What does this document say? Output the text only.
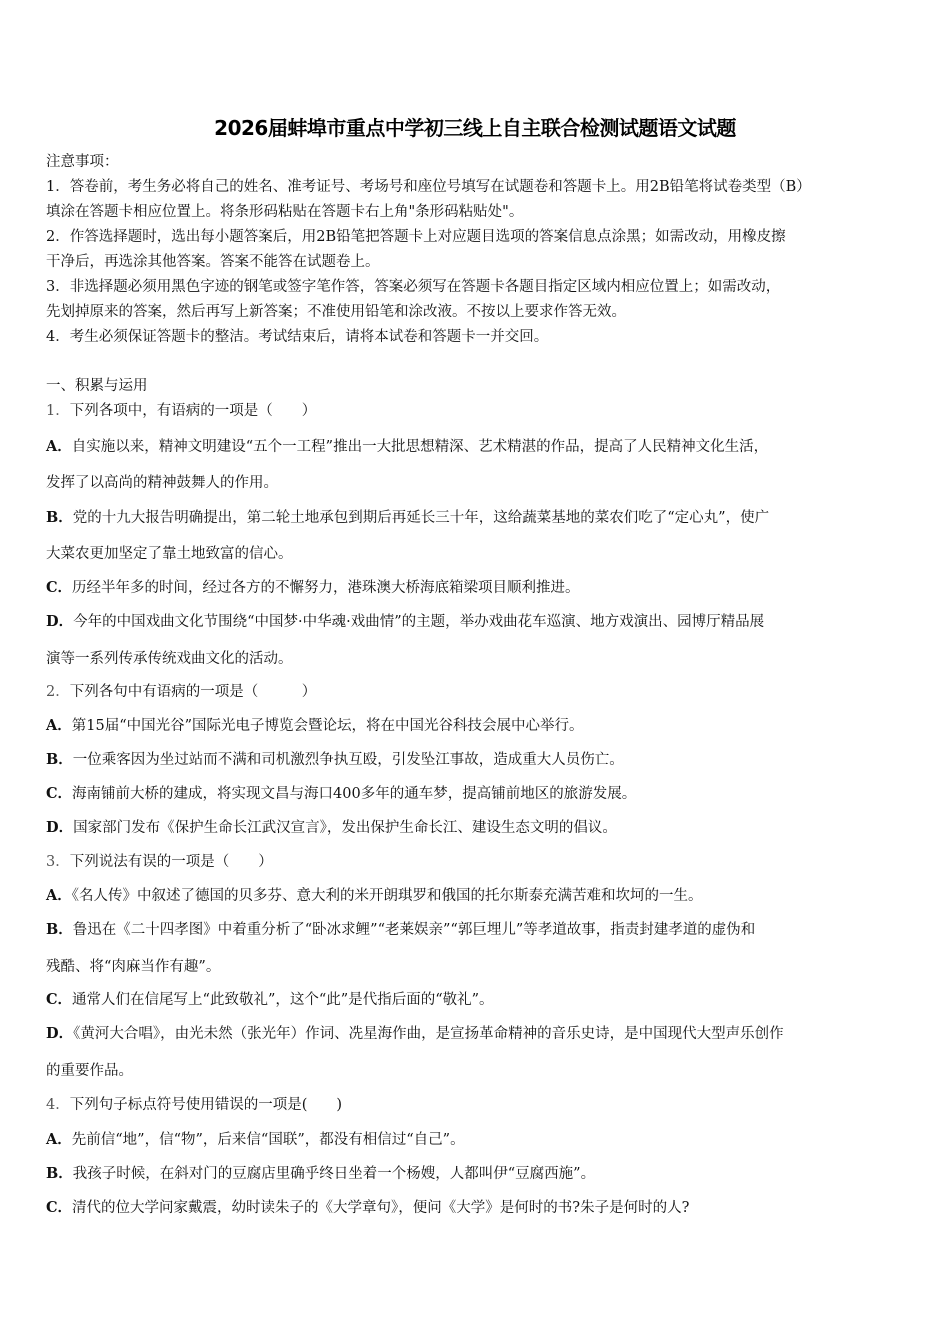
2026届蚌埠市重点中学初三线上自主联合检测试题语文试题
注意事项：
1．答卷前，考生务必将自己的姓名、准考证号、考场号和座位号填写在试题卷和答题卡上。用2B铅笔将试卷类型（B）
填涂在答题卡相应位置上。将条形码粘贴在答题卡右上角"条形码粘贴处"。
2．作答选择题时，选出每小题答案后，用2B铅笔把答题卡上对应题目选项的答案信息点涂黑；如需改动，用橡皮擦
干净后，再选涂其他答案。答案不能答在试题卷上。
3．非选择题必须用黑色字迹的钢笔或签字笔作答，答案必须写在答题卡各题目指定区域内相应位置上；如需改动，
先划掉原来的答案，然后再写上新答案；不准使用铅笔和涂改液。不按以上要求作答无效。
4．考生必须保证答题卡的整洁。考试结束后，请将本试卷和答题卡一并交回。
一、积累与运用
1．下列各项中，有语病的一项是（　　）
A．自实施以来，精神文明建设“五个一工程”推出一大批思想精深、艺术精湛的作品，提高了人民精神文化生活，
发挥了以高尚的精神鼓舞人的作用。
B．党的十九大报告明确提出，第二轮土地承包到期后再延长三十年，这给蔬菜基地的菜农们吃了“定心丸”，使广
大菜农更加坚定了靠土地致富的信心。
C．历经半年多的时间，经过各方的不懈努力，港珠澳大桥海底箱梁项目顺利推进。
D．今年的中国戏曲文化节围绕“中国梦·中华魂·戏曲情”的主题，举办戏曲花车巡演、地方戏演出、园博厅精品展
演等一系列传承传统戏曲文化的活动。
2．下列各句中有语病的一项是（　　　）
A．第15届“中国光谷”国际光电子博览会暨论坛，将在中国光谷科技会展中心举行。
B．一位乘客因为坐过站而不满和司机激烈争执互殴，引发坠江事故，造成重大人员伤亡。
C．海南铺前大桥的建成，将实现文昌与海口400多年的通车梦，提高铺前地区的旅游发展。
D．国家部门发布《保护生命长江武汉宣言》，发出保护生命长江、建设生态文明的倡议。
3．下列说法有误的一项是（　　）
A．《名人传》中叙述了德国的贝多芬、意大利的米开朗琪罗和俄国的托尔斯泰充满苦难和坎坷的一生。
B．鲁迅在《二十四孝图》中着重分析了“卧冰求鲤”“老莱娱亲”“郭巨埋儿”等孝道故事，指责封建孝道的虚伪和
残酷、将“肉麻当作有趣”。
C．通常人们在信尾写上“此致敬礼”，这个“此”是代指后面的“敬礼”。
D．《黄河大合唱》，由光未然（张光年）作词、冼星海作曲，是宣扬革命精神的音乐史诗，是中国现代大型声乐创作
的重要作品。
4．下列句子标点符号使用错误的一项是(　　)
A．先前信“地”，信“物”，后来信“国联”，都没有相信过“自己”。
B．我孩子时候，在斜对门的豆腐店里确乎终日坐着一个杨嫂，人都叫伊“豆腐西施”。
C．清代的位大学问家戴震，幼时读朱子的《大学章句》，便问《大学》是何时的书?朱子是何时的人?
